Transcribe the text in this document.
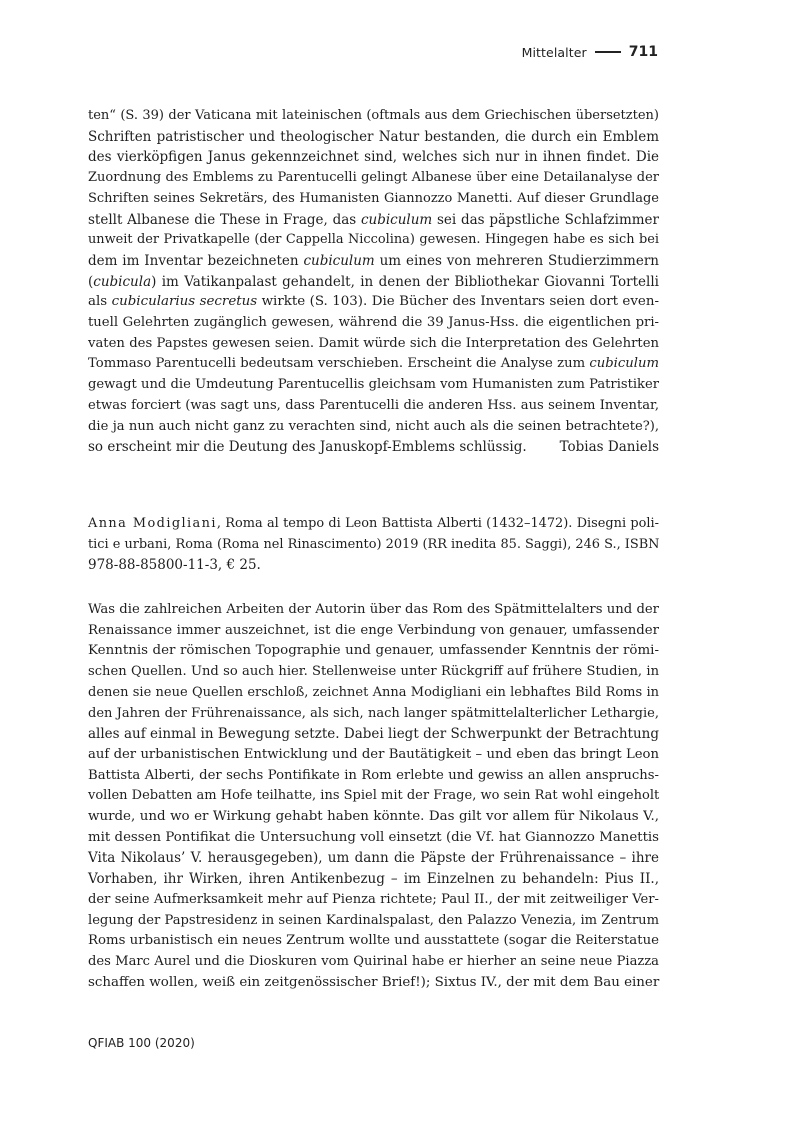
Mittelalter	711
ten“ (S. 39) der Vaticana mit lateinischen (oftmals aus dem Griechischen übersetzten)
Schriften patristischer und theologischer Natur bestanden, die durch ein Emblem
des vierköpfigen Janus gekennzeichnet sind, welches sich nur in ihnen findet. Die
Zuordnung des Emblems zu Parentucelli gelingt Albanese über eine Detailanalyse der
Schriften seines Sekretärs, des Humanisten Giannozzo Manetti. Auf dieser Grundlage
stellt Albanese die These in Frage, das cubiculum sei das päpstliche Schlafzimmer
unweit der Privatkapelle (der Cappella Niccolina) gewesen. Hingegen habe es sich bei
dem im Inventar bezeichneten cubiculum um eines von mehreren Studierzimmern
(cubicula) im Vatikanpalast gehandelt, in denen der Bibliothekar Giovanni Tortelli
als cubicularius secretus wirkte (S. 103). Die Bücher des Inventars seien dort even-
tuell Gelehrten zugänglich gewesen, während die 39 Janus-Hss. die eigentlichen pri-
vaten des Papstes gewesen seien. Damit würde sich die Interpretation des Gelehrten
Tommaso Parentucelli bedeutsam verschieben. Erscheint die Analyse zum cubiculum
gewagt und die Umdeutung Parentucellis gleichsam vom Humanisten zum Patristiker
etwas forciert (was sagt uns, dass Parentucelli die anderen Hss. aus seinem Inventar,
die ja nun auch nicht ganz zu verachten sind, nicht auch als die seinen betrachtete?),
so erscheint mir die Deutung des Januskopf-Emblems schlüssig. Tobias Daniels
Anna Modigliani, Roma al tempo di Leon Battista Alberti (1432–1472). Disegni poli-
tici e urbani, Roma (Roma nel Rinascimento) 2019 (RR inedita 85. Saggi), 246 S., ISBN
978-88-85800-11-3, € 25.
Was die zahlreichen Arbeiten der Autorin über das Rom des Spätmittelalters und der
Renaissance immer auszeichnet, ist die enge Verbindung von genauer, umfassender
Kenntnis der römischen Topographie und genauer, umfassender Kenntnis der römi-
schen Quellen. Und so auch hier. Stellenweise unter Rückgriff auf frühere Studien, in
denen sie neue Quellen erschloß, zeichnet Anna Modigliani ein lebhaftes Bild Roms in
den Jahren der Frührenaissance, als sich, nach langer spätmittelalterlicher Lethargie,
alles auf einmal in Bewegung setzte. Dabei liegt der Schwerpunkt der Betrachtung
auf der urbanistischen Entwicklung und der Bautätigkeit – und eben das bringt Leon
Battista Alberti, der sechs Pontifikate in Rom erlebte und gewiss an allen anspruchs-
vollen Debatten am Hofe teilhatte, ins Spiel mit der Frage, wo sein Rat wohl eingeholt
wurde, und wo er Wirkung gehabt haben könnte. Das gilt vor allem für Nikolaus V.,
mit dessen Pontifikat die Untersuchung voll einsetzt (die Vf. hat Giannozzo Manettis
Vita Nikolaus’ V. herausgegeben), um dann die Päpste der Frührenaissance – ihre
Vorhaben, ihr Wirken, ihren Antikenbezug – im Einzelnen zu behandeln: Pius II.,
der seine Aufmerksamkeit mehr auf Pienza richtete; Paul II., der mit zeitweiliger Ver-
legung der Papstresidenz in seinen Kardinalspalast, den Palazzo Venezia, im Zentrum
Roms urbanistisch ein neues Zentrum wollte und ausstattete (sogar die Reiterstatue
des Marc Aurel und die Dioskuren vom Quirinal habe er hierher an seine neue Piazza
schaffen wollen, weiß ein zeitgenössischer Brief!); Sixtus IV., der mit dem Bau einer
QFIAB 100 (2020)
